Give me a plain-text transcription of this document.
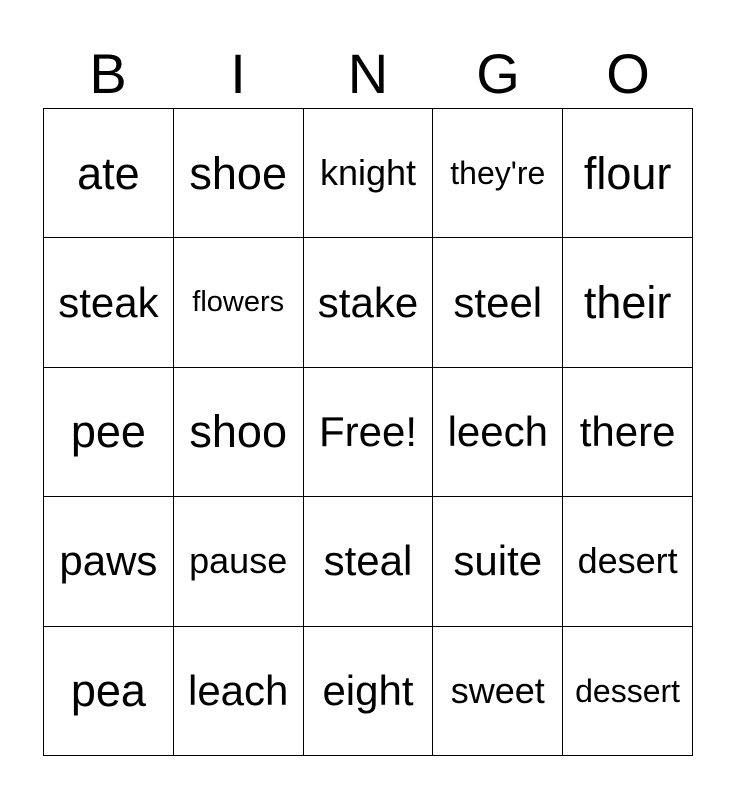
B	I	N	G	O
ate	shoe knight	they're flour
steak	flowers stake steel their
pee shoo Free! leech there
paws pause steal suite desert
pea	leach eight	sweet dessert
